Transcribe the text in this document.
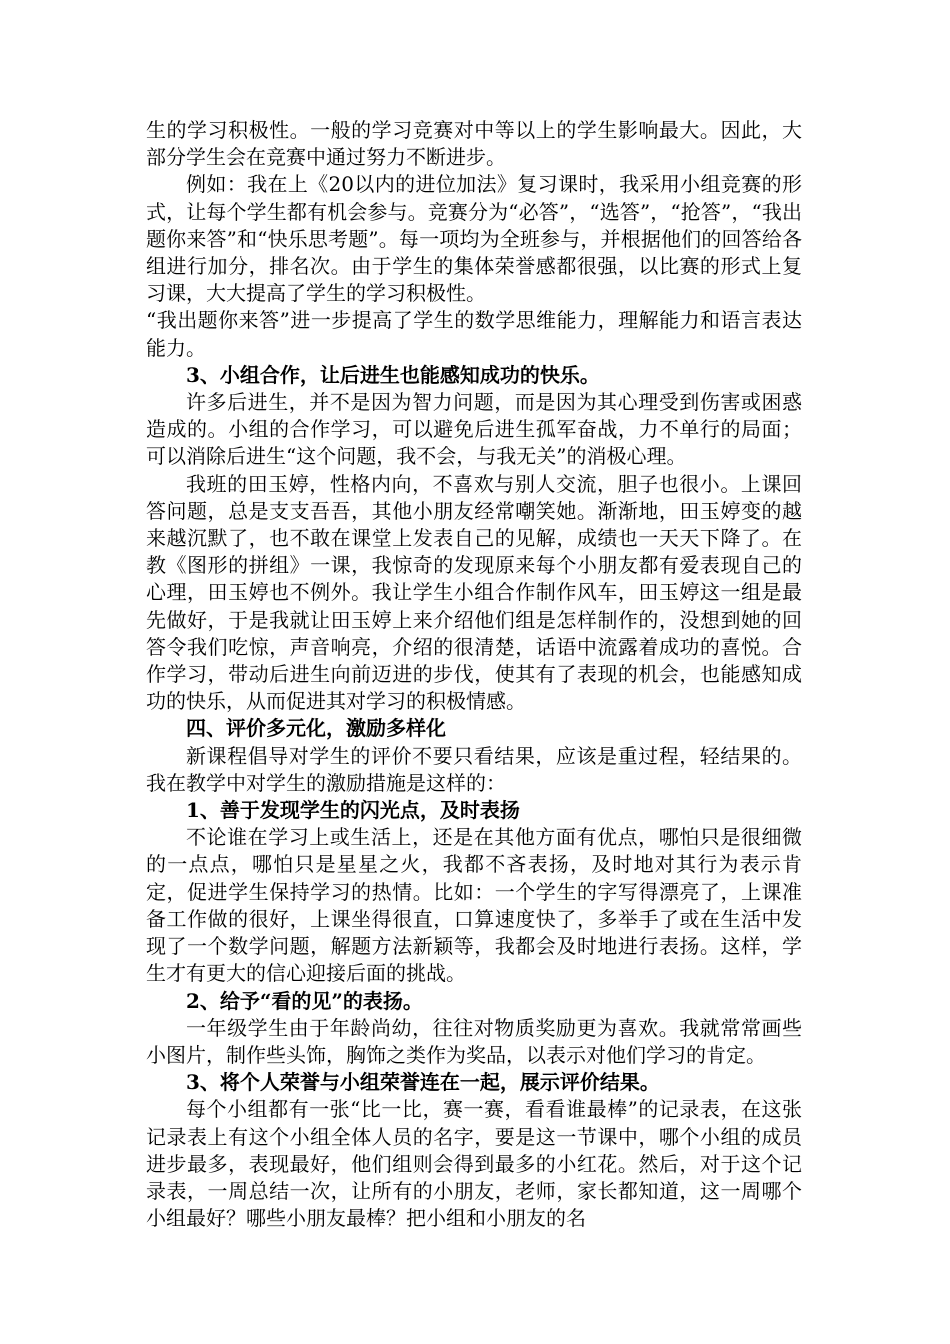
生的学习积极性。一般的学习竞赛对中等以上的学生影响最大。因此，大部分学生会在竞赛中通过努力不断进步。

例如：我在上《20以内的进位加法》复习课时，我采用小组竞赛的形式，让每个学生都有机会参与。竞赛分为“必答”，“选答”，“抢答”，“我出题你来答”和“快乐思考题”。每一项均为全班参与，并根据他们的回答给各组进行加分，排名次。由于学生的集体荣誉感都很强，以比赛的形式上复习课，大大提高了学生的学习积极性。

“我出题你来答”进一步提高了学生的数学思维能力，理解能力和语言表达能力。

3、小组合作，让后进生也能感知成功的快乐。

许多后进生，并不是因为智力问题，而是因为其心理受到伤害或困惑造成的。小组的合作学习，可以避免后进生孤军奋战，力不单行的局面；可以消除后进生“这个问题，我不会，与我无关”的消极心理。

我班的田玉婷，性格内向，不喜欢与别人交流，胆子也很小。上课回答问题，总是支支吾吾，其他小朋友经常嘲笑她。渐渐地，田玉婷变的越来越沉默了，也不敢在课堂上发表自己的见解，成绩也一天天下降了。在教《图形的拼组》一课，我惊奇的发现原来每个小朋友都有爱表现自己的心理，田玉婷也不例外。我让学生小组合作制作风车，田玉婷这一组是最先做好，于是我就让田玉婷上来介绍他们组是怎样制作的，没想到她的回答令我们吃惊，声音响亮，介绍的很清楚，话语中流露着成功的喜悦。合作学习，带动后进生向前迈进的步伐，使其有了表现的机会，也能感知成功的快乐，从而促进其对学习的积极情感。

四、评价多元化，激励多样化

新课程倡导对学生的评价不要只看结果，应该是重过程，轻结果的。我在教学中对学生的激励措施是这样的：

1、善于发现学生的闪光点，及时表扬

不论谁在学习上或生活上，还是在其他方面有优点，哪怕只是很细微的一点点，哪怕只是星星之火，我都不吝表扬，及时地对其行为表示肯定，促进学生保持学习的热情。比如：一个学生的字写得漂亮了，上课准备工作做的很好，上课坐得很直，口算速度快了，多举手了或在生活中发现了一个数学问题，解题方法新颖等，我都会及时地进行表扬。这样，学生才有更大的信心迎接后面的挑战。

2、给予“看的见”的表扬。

一年级学生由于年龄尚幼，往往对物质奖励更为喜欢。我就常常画些小图片，制作些头饰，胸饰之类作为奖品，以表示对他们学习的肯定。

3、将个人荣誉与小组荣誉连在一起，展示评价结果。

每个小组都有一张“比一比，赛一赛，看看谁最棒”的记录表，在这张记录表上有这个小组全体人员的名字，要是这一节课中，哪个小组的成员进步最多，表现最好，他们组则会得到最多的小红花。然后，对于这个记录表，一周总结一次，让所有的小朋友，老师，家长都知道，这一周哪个小组最好？哪些小朋友最棒？把小组和小朋友的名
